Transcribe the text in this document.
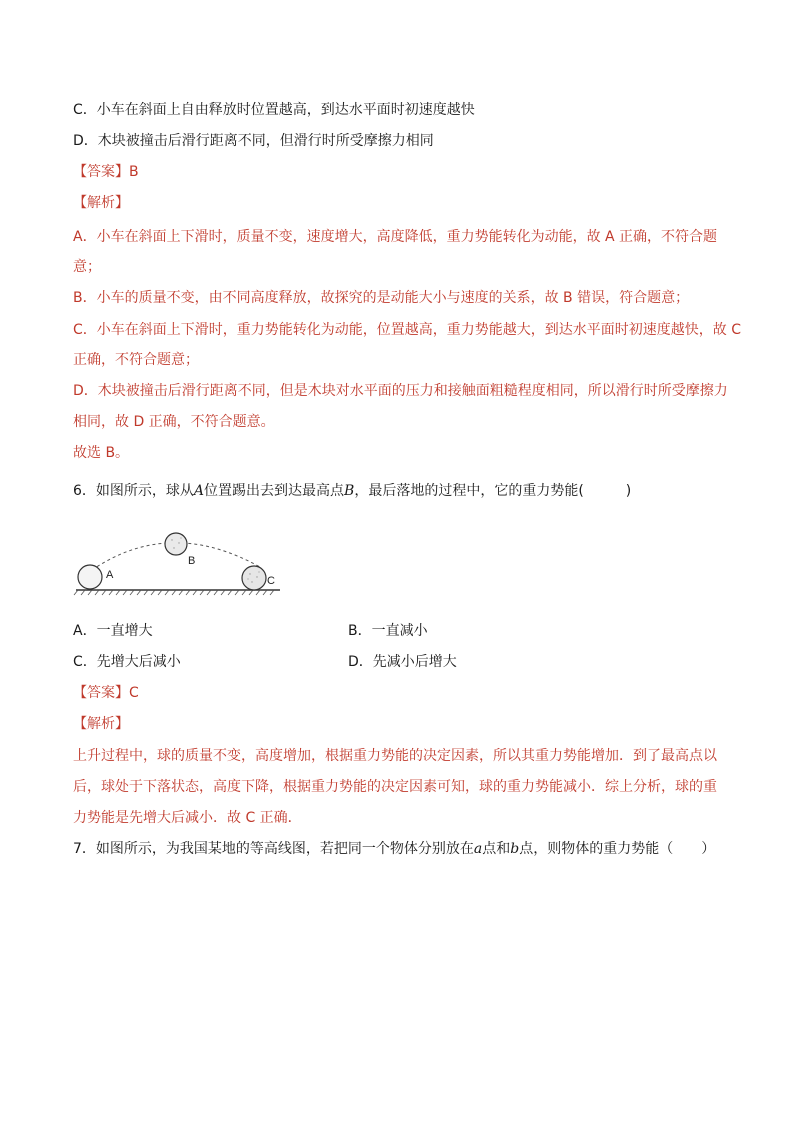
C．小车在斜面上自由释放时位置越高，到达水平面时初速度越快
D．木块被撞击后滑行距离不同，但滑行时所受摩擦力相同
【答案】B
【解析】
A．小车在斜面上下滑时，质量不变，速度增大，高度降低，重力势能转化为动能，故 A 正确，不符合题
意；
B．小车的质量不变，由不同高度释放，故探究的是动能大小与速度的关系，故 B 错误，符合题意；
C．小车在斜面上下滑时，重力势能转化为动能，位置越高，重力势能越大，到达水平面时初速度越快，故 C
正确，不符合题意；
D．木块被撞击后滑行距离不同，但是木块对水平面的压力和接触面粗糙程度相同，所以滑行时所受摩擦力
相同，故 D 正确，不符合题意。
故选 B。
6．如图所示，球从A位置踢出去到达最高点B，最后落地的过程中，它的重力势能(　　　)
A
B
C
A．一直增大	B．一直减小
C．先增大后减小	D．先减小后增大
【答案】C
【解析】
上升过程中，球的质量不变，高度增加，根据重力势能的决定因素，所以其重力势能增加．到了最高点以
后，球处于下落状态，高度下降，根据重力势能的决定因素可知，球的重力势能减小．综上分析，球的重
力势能是先增大后减小．故 C 正确．
7．如图所示，为我国某地的等高线图，若把同一个物体分别放在a点和b点，则物体的重力势能（　　）
